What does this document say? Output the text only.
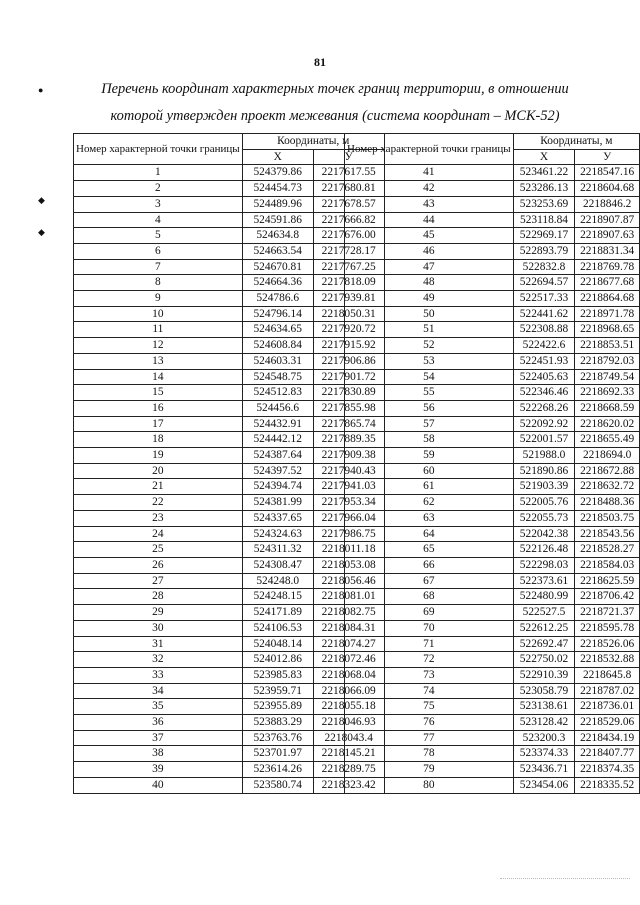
81
Перечень координат характерных точек границ территории, в отношении
которой утвержден проект межевания (система координат – МСК-52)
●
◆
◆
Номер характерной точки границы	Координаты, м	
	X	У
1	524379.86	2217617.55
2	524454.73	2217680.81
3	524489.96	2217678.57
4	524591.86	2217666.82
5	524634.8	2217676.00
6	524663.54	2217728.17
7	524670.81	2217767.25
8	524664.36	2217818.09
9	524786.6	2217939.81
10	524796.14	2218050.31
11	524634.65	2217920.72
12	524608.84	2217915.92
13	524603.31	2217906.86
14	524548.75	2217901.72
15	524512.83	2217830.89
16	524456.6	2217855.98
17	524432.91	2217865.74
18	524442.12	2217889.35
19	524387.64	2217909.38
20	524397.52	2217940.43
21	524394.74	2217941.03
22	524381.99	2217953.34
23	524337.65	2217966.04
24	524324.63	2217986.75
25	524311.32	2218011.18
26	524308.47	2218053.08
27	524248.0	2218056.46
28	524248.15	2218081.01
29	524171.89	2218082.75
30	524106.53	2218084.31
31	524048.14	2218074.27
32	524012.86	2218072.46
33	523985.83	2218068.04
34	523959.71	2218066.09
35	523955.89	2218055.18
36	523883.29	2218046.93
37	523763.76	2218043.4
38	523701.97	2218145.21
39	523614.26	2218289.75
40	523580.74	2218323.42
Номер характерной точки границы	Координаты, м	
	X	У
41	523461.22	2218547.16
42	523286.13	2218604.68
43	523253.69	2218846.2
44	523118.84	2218907.87
45	522969.17	2218907.63
46	522893.79	2218831.34
47	522832.8	2218769.78
48	522694.57	2218677.68
49	522517.33	2218864.68
50	522441.62	2218971.78
51	522308.88	2218968.65
52	522422.6	2218853.51
53	522451.93	2218792.03
54	522405.63	2218749.54
55	522346.46	2218692.33
56	522268.26	2218668.59
57	522092.92	2218620.02
58	522001.57	2218655.49
59	521988.0	2218694.0
60	521890.86	2218672.88
61	521903.39	2218632.72
62	522005.76	2218488.36
63	522055.73	2218503.75
64	522042.38	2218543.56
65	522126.48	2218528.27
66	522298.03	2218584.03
67	522373.61	2218625.59
68	522480.99	2218706.42
69	522527.5	2218721.37
70	522612.25	2218595.78
71	522692.47	2218526.06
72	522750.02	2218532.88
73	522910.39	2218645.8
74	523058.79	2218787.02
75	523138.61	2218736.01
76	523128.42	2218529.06
77	523200.3	2218434.19
78	523374.33	2218407.77
79	523436.71	2218374.35
80	523454.06	2218335.52
